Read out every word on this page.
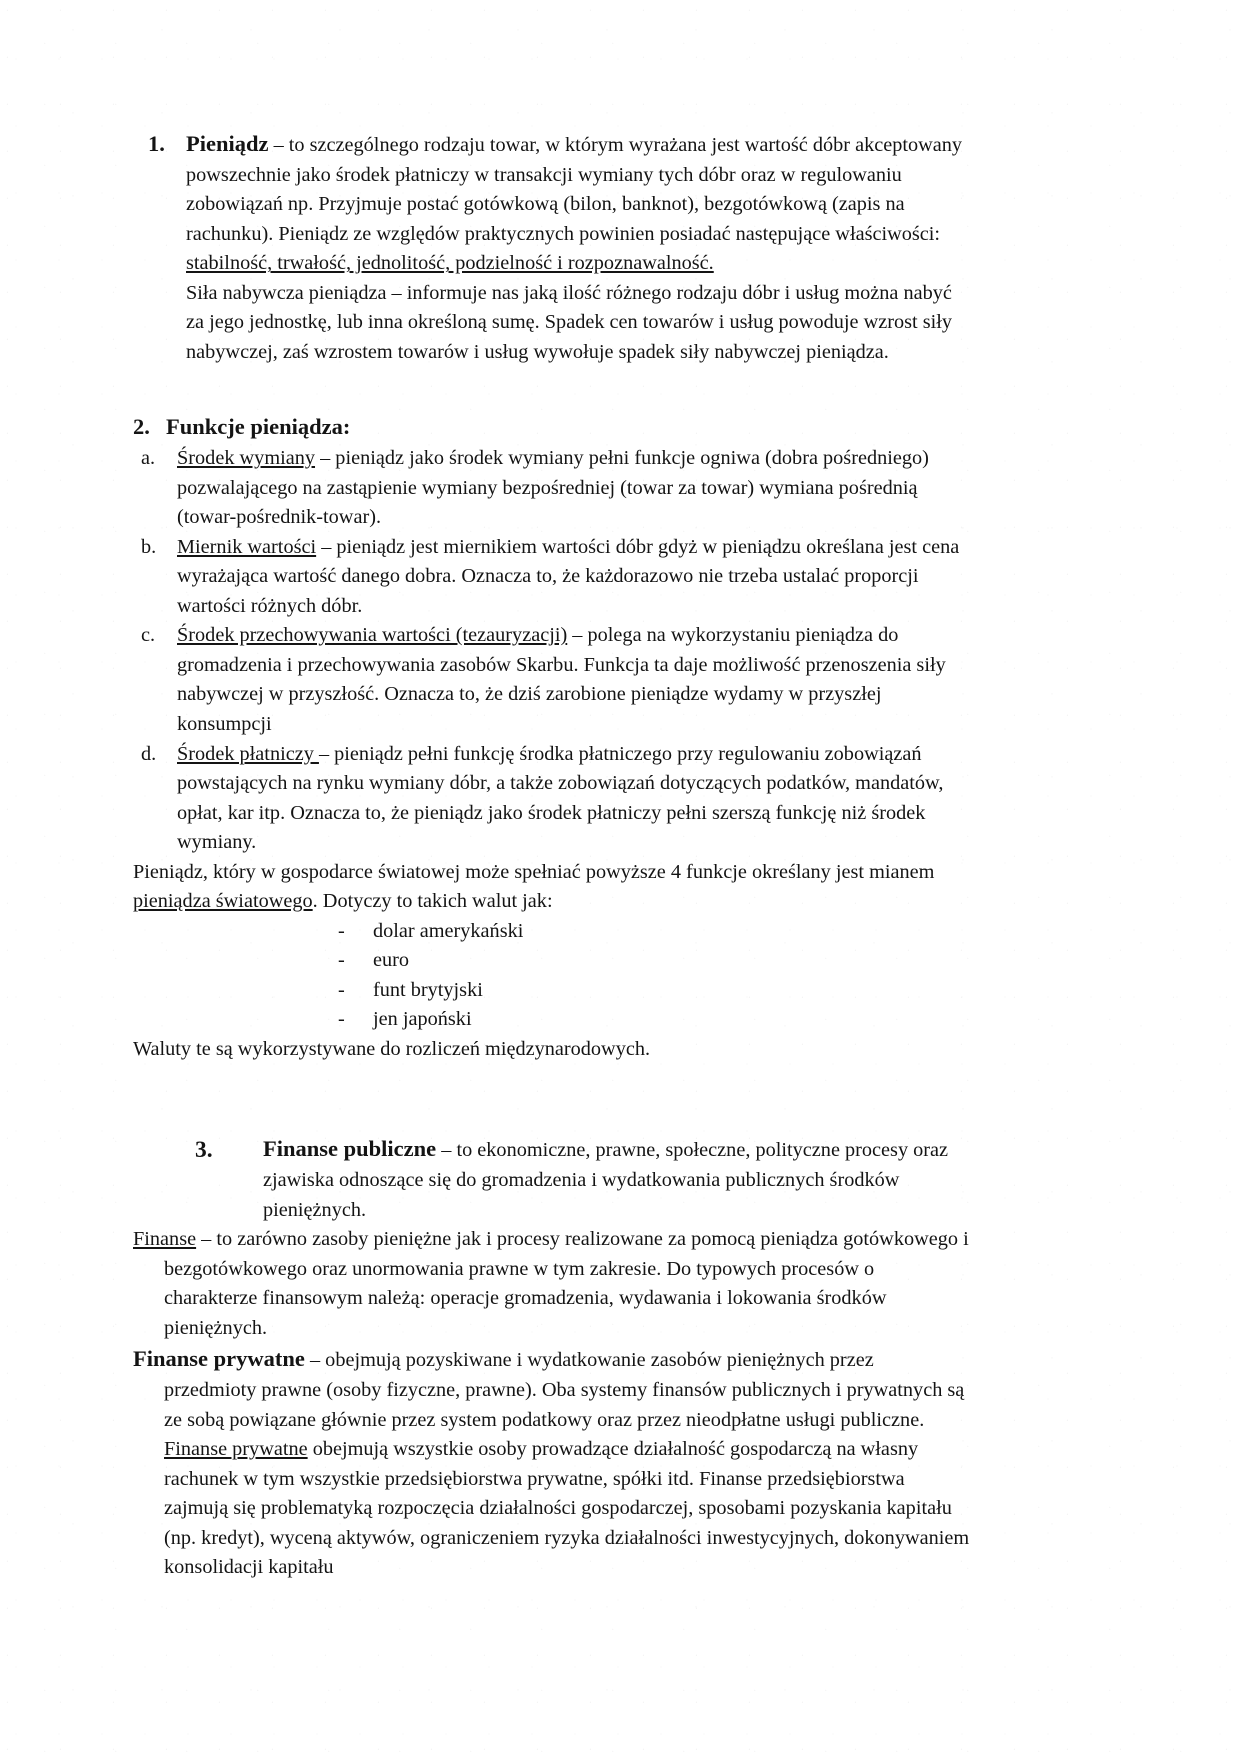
1. Pieniądz – to szczególnego rodzaju towar, w którym wyrażana jest wartość dóbr akceptowany powszechnie jako środek płatniczy w transakcji wymiany tych dóbr oraz w regulowaniu zobowiązań np. Przyjmuje postać gotówkową (bilon, banknot), bezgotówkową (zapis na rachunku). Pieniądz ze względów praktycznych powinien posiadać następujące właściwości: stabilność, trwałość, jednolitość, podzielność i rozpoznawalność.
Siła nabywcza pieniądza – informuje nas jaką ilość różnego rodzaju dóbr i usług można nabyć za jego jednostkę, lub inna określoną sumę. Spadek cen towarów i usług powoduje wzrost siły nabywczej, zaś wzrostem towarów i usług wywołuje spadek siły nabywczej pieniądza.
2. Funkcje pieniądza:
a. Środek wymiany – pieniądz jako środek wymiany pełni funkcje ogniwa (dobra pośredniego) pozwalającego na zastąpienie wymiany bezpośredniej (towar za towar) wymiana pośrednią (towar-pośrednik-towar).
b. Miernik wartości – pieniądz jest miernikiem wartości dóbr gdyż w pieniądzu określana jest cena wyrażająca wartość danego dobra. Oznacza to, że każdorazowo nie trzeba ustalać proporcji wartości różnych dóbr.
c. Środek przechowywania wartości (tezauryzacji) – polega na wykorzystaniu pieniądza do gromadzenia i przechowywania zasobów Skarbu. Funkcja ta daje możliwość przenoszenia siły nabywczej w przyszłość. Oznacza to, że dziś zarobione pieniądze wydamy w przyszłej konsumpcji
d. Środek płatniczy – pieniądz pełni funkcję środka płatniczego przy regulowaniu zobowiązań powstających na rynku wymiany dóbr, a także zobowiązań dotyczących podatków, mandatów, opłat, kar itp. Oznacza to, że pieniądz jako środek płatniczy pełni szerszą funkcję niż środek wymiany.
Pieniądz, który w gospodarce światowej może spełniać powyższe 4 funkcje określany jest mianem pieniądza światowego. Dotyczy to takich walut jak:
- dolar amerykański
- euro
- funt brytyjski
- jen japoński
Waluty te są wykorzystywane do rozliczeń międzynarodowych.
3. Finanse publiczne – to ekonomiczne, prawne, społeczne, polityczne procesy oraz zjawiska odnoszące się do gromadzenia i wydatkowania publicznych środków pieniężnych.
Finanse – to zarówno zasoby pieniężne jak i procesy realizowane za pomocą pieniądza gotówkowego i bezgotówkowego oraz unormowania prawne w tym zakresie. Do typowych procesów o charakterze finansowym należą: operacje gromadzenia, wydawania i lokowania środków pieniężnych.
Finanse prywatne – obejmują pozyskiwane i wydatkowanie zasobów pieniężnych przez przedmioty prawne (osoby fizyczne, prawne). Oba systemy finansów publicznych i prywatnych są ze sobą powiązane głównie przez system podatkowy oraz przez nieodpłatne usługi publiczne. Finanse prywatne obejmują wszystkie osoby prowadzące działalność gospodarczą na własny rachunek w tym wszystkie przedsiębiorstwa prywatne, spółki itd. Finanse przedsiębiorstwa zajmują się problematyką rozpoczęcia działalności gospodarczej, sposobami pozyskania kapitału (np. kredyt), wyceną aktywów, ograniczeniem ryzyka działalności inwestycyjnych, dokonywaniem konsolidacji kapitału
